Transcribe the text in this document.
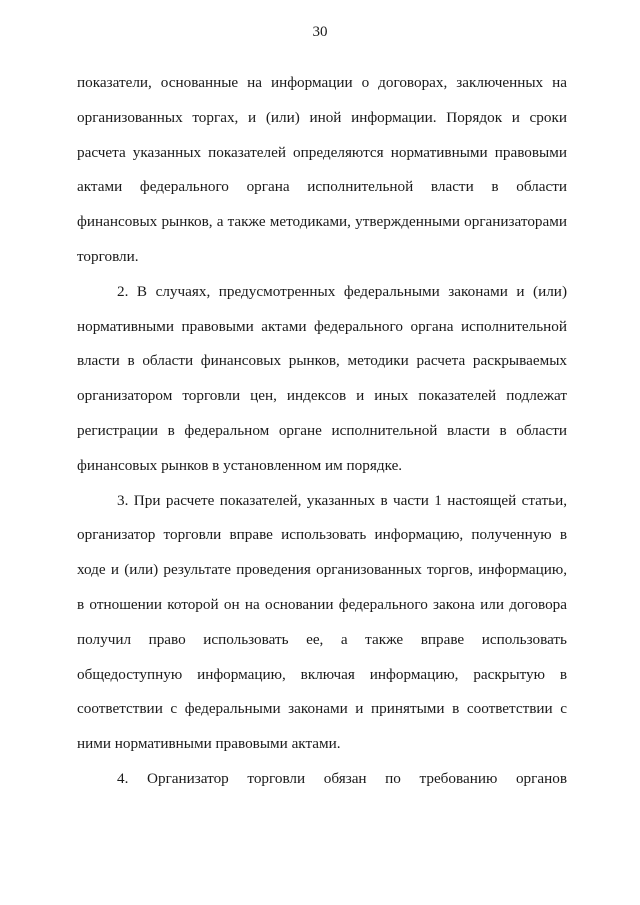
30
показатели, основанные на информации о договорах, заключенных на
организованных торгах, и (или) иной информации. Порядок и сроки
расчета указанных показателей определяются нормативными правовыми
актами федерального органа исполнительной власти в области
финансовых рынков, а также методиками, утвержденными организаторами
торговли.
2. В случаях, предусмотренных федеральными законами и (или)
нормативными правовыми актами федерального органа исполнительной
власти в области финансовых рынков, методики расчета раскрываемых
организатором торговли цен, индексов и иных показателей подлежат
регистрации в федеральном органе исполнительной власти в области
финансовых рынков в установленном им порядке.
3. При расчете показателей, указанных в части 1 настоящей статьи,
организатор торговли вправе использовать информацию, полученную в
ходе и (или) результате проведения организованных торгов, информацию,
в отношении которой он на основании федерального закона или договора
получил право использовать ее, а также вправе использовать
общедоступную информацию, включая информацию, раскрытую в
соответствии с федеральными законами и принятыми в соответствии с
ними нормативными правовыми актами.
4. Организатор торговли обязан по требованию органов
